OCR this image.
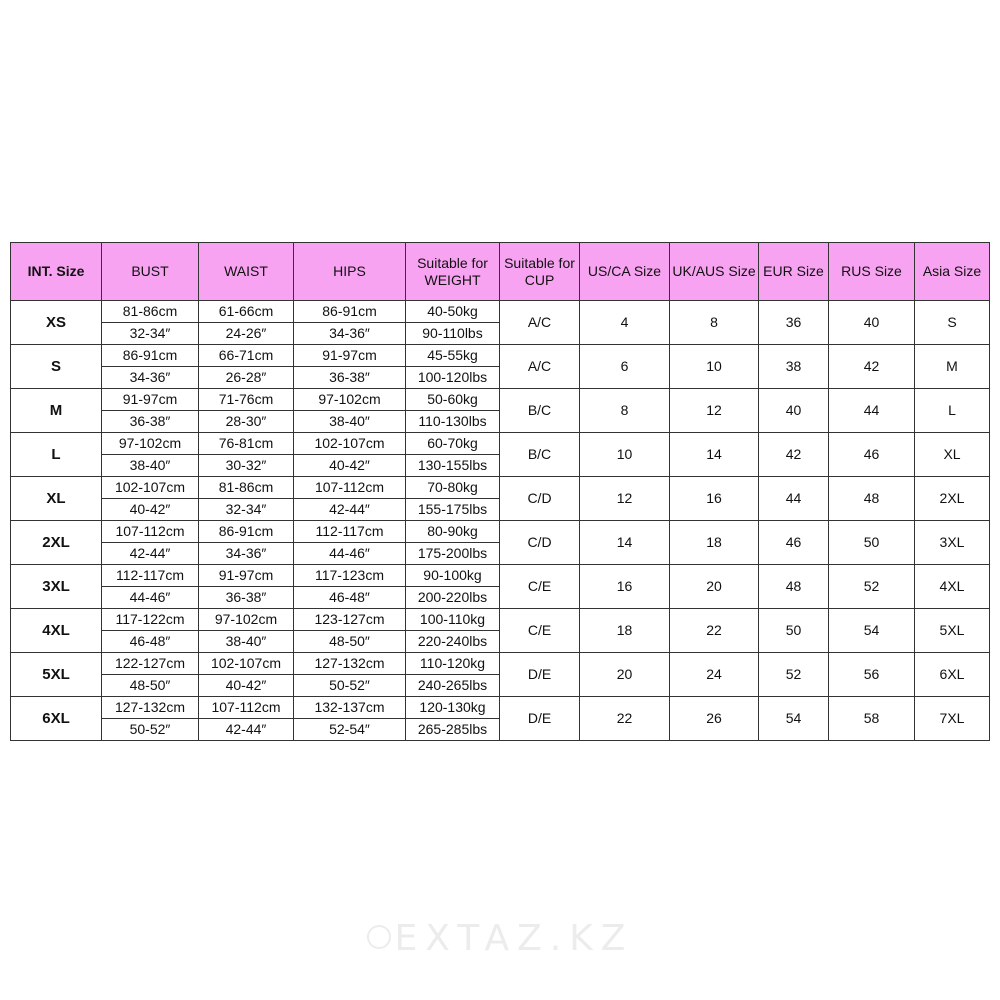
INT. Size	BUST	WAIST	HIPS	Suitable for WEIGHT	Suitable for CUP	US/CA Size	UK/AUS Size	EUR Size	RUS Size	Asia Size
XS	81-86cm	61-66cm	86-91cm	40-50kg	A/C	4	8	36	40	S
	32-34″	24-26″	34-36″	90-110lbs						
S	86-91cm	66-71cm	91-97cm	45-55kg	A/C	6	10	38	42	M
	34-36″	26-28″	36-38″	100-120lbs						
M	91-97cm	71-76cm	97-102cm	50-60kg	B/C	8	12	40	44	L
	36-38″	28-30″	38-40″	110-130lbs						
L	97-102cm	76-81cm	102-107cm	60-70kg	B/C	10	14	42	46	XL
	38-40″	30-32″	40-42″	130-155lbs						
XL	102-107cm	81-86cm	107-112cm	70-80kg	C/D	12	16	44	48	2XL
	40-42″	32-34″	42-44″	155-175lbs						
2XL	107-112cm	86-91cm	112-117cm	80-90kg	C/D	14	18	46	50	3XL
	42-44″	34-36″	44-46″	175-200lbs						
3XL	112-117cm	91-97cm	117-123cm	90-100kg	C/E	16	20	48	52	4XL
	44-46″	36-38″	46-48″	200-220lbs						
4XL	117-122cm	97-102cm	123-127cm	100-110kg	C/E	18	22	50	54	5XL
	46-48″	38-40″	48-50″	220-240lbs						
5XL	122-127cm	102-107cm	127-132cm	110-120kg	D/E	20	24	52	56	6XL
	48-50″	40-42″	50-52″	240-265lbs						
6XL	127-132cm	107-112cm	132-137cm	120-130kg	D/E	22	26	54	58	7XL
	50-52″	42-44″	52-54″	265-285lbs						
EXTAZ.KZ
